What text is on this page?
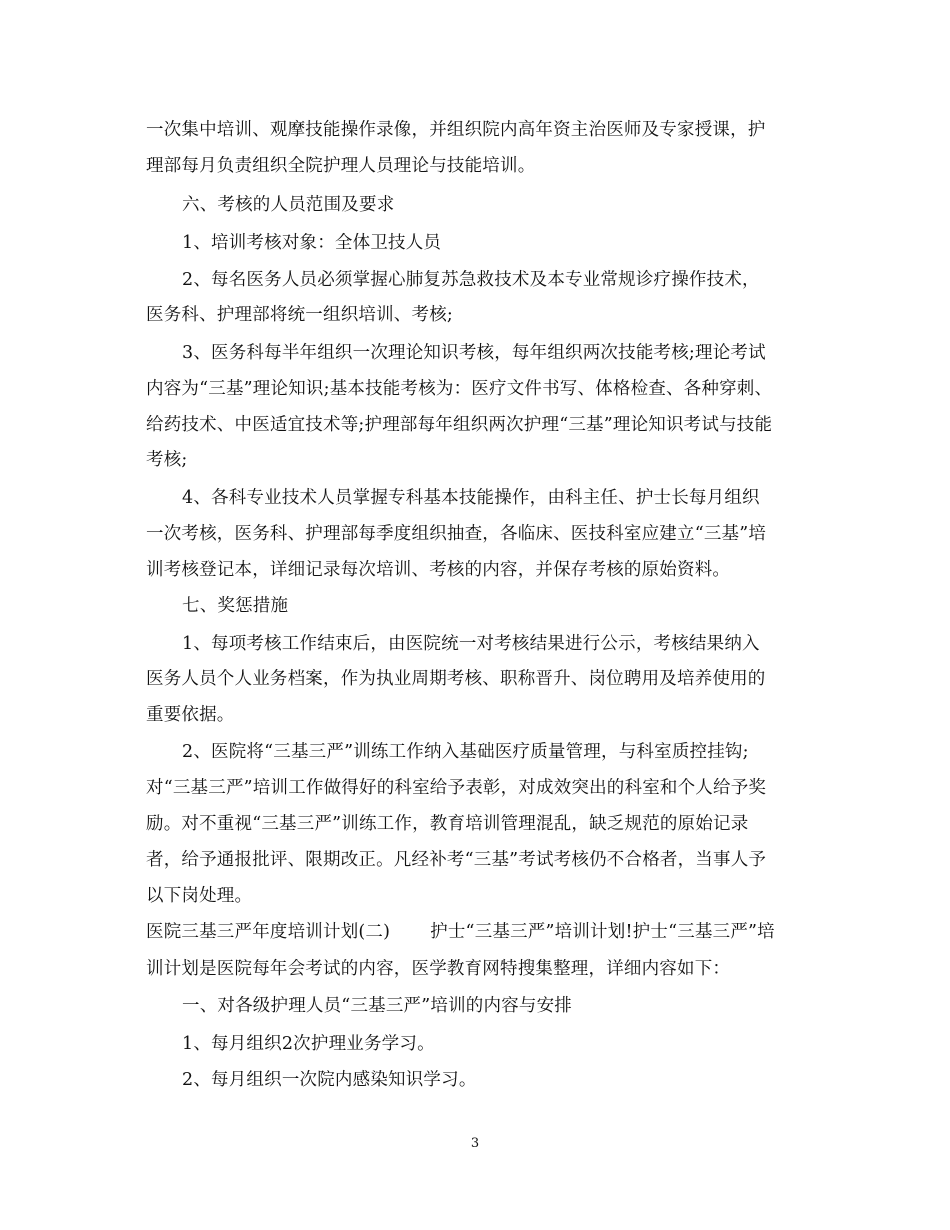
一次集中培训、观摩技能操作录像，并组织院内高年资主治医师及专家授课，护
理部每月负责组织全院护理人员理论与技能培训。
六、考核的人员范围及要求
1、培训考核对象：全体卫技人员
2、每名医务人员必须掌握心肺复苏急救技术及本专业常规诊疗操作技术，
医务科、护理部将统一组织培训、考核;
3、医务科每半年组织一次理论知识考核，每年组织两次技能考核;理论考试
内容为“三基”理论知识;基本技能考核为：医疗文件书写、体格检查、各种穿刺、
给药技术、中医适宜技术等;护理部每年组织两次护理“三基”理论知识考试与技能
考核;
4、各科专业技术人员掌握专科基本技能操作，由科主任、护士长每月组织
一次考核，医务科、护理部每季度组织抽查，各临床、医技科室应建立“三基”培
训考核登记本，详细记录每次培训、考核的内容，并保存考核的原始资料。
七、奖惩措施
1、每项考核工作结束后，由医院统一对考核结果进行公示，考核结果纳入
医务人员个人业务档案，作为执业周期考核、职称晋升、岗位聘用及培养使用的
重要依据。
2、医院将“三基三严”训练工作纳入基础医疗质量管理，与科室质控挂钩;
对“三基三严”培训工作做得好的科室给予表彰，对成效突出的科室和个人给予奖
励。对不重视“三基三严”训练工作，教育培训管理混乱，缺乏规范的原始记录
者，给予通报批评、限期改正。凡经补考“三基”考试考核仍不合格者，当事人予
以下岗处理。
医院三基三严年度培训计划(二) 护士“三基三严”培训计划!护士“三基三严”培
训计划是医院每年会考试的内容，医学教育网特搜集整理，详细内容如下：
一、对各级护理人员“三基三严”培训的内容与安排
1、每月组织2次护理业务学习。
2、每月组织一次院内感染知识学习。
3
